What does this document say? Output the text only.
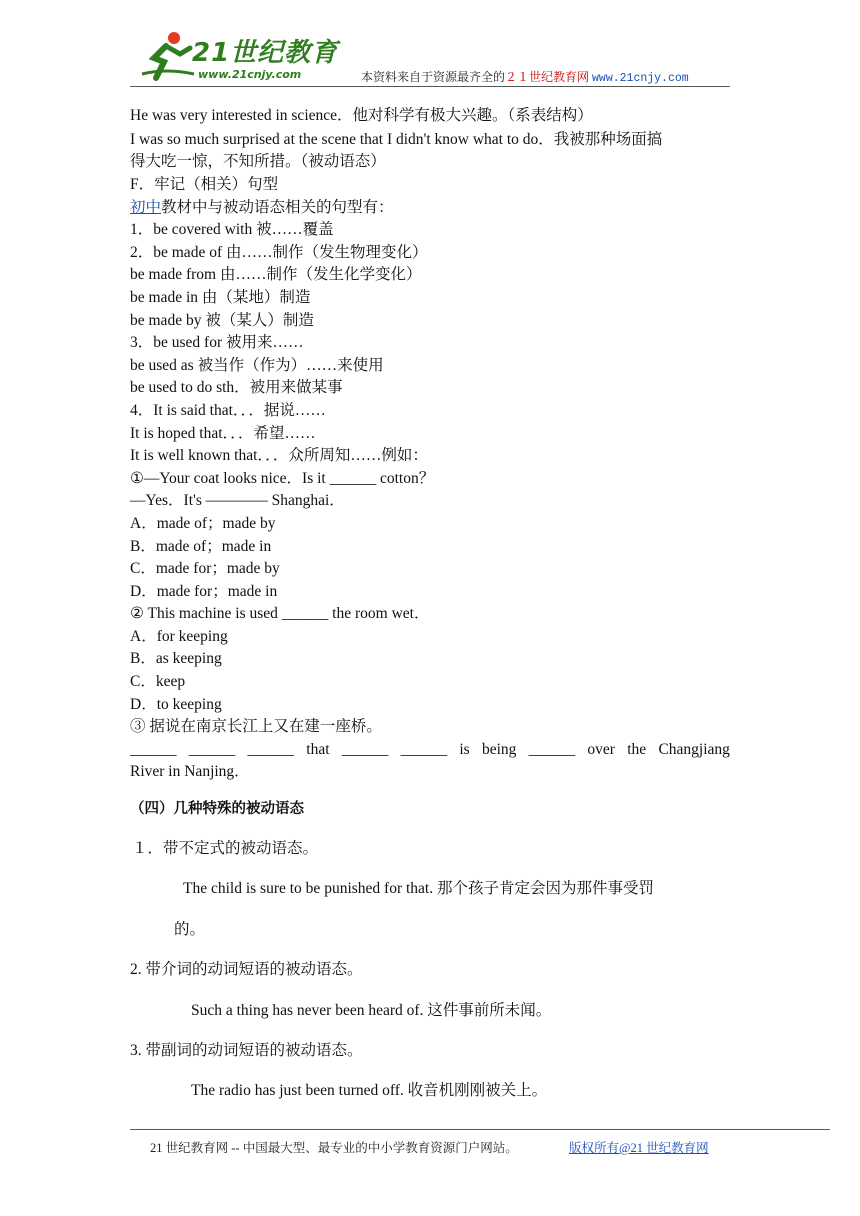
21世纪教育
www.21cnjy.com	本资料来自于资源最齐全的２１世纪教育网 www.21cnjy.com
He was very interested in science．他对科学有极大兴趣。（系表结构）
I was so much surprised at the scene that I didn't know what to do．我被那种场面搞
得大吃一惊，不知所措。（被动语态）
F．牢记（相关）句型
初中教材中与被动语态相关的句型有：
1．be covered with 被……覆盖
2．be made of 由……制作（发生物理变化）
be made from 由……制作（发生化学变化）
be made in 由（某地）制造
be made by 被（某人）制造
3．be used for 被用来……
be used as 被当作（作为）……来使用
be used to do sth．被用来做某事
4．It is said that．．．据说……
It is hoped that．．．希望……
It is well known that．．．众所周知……例如：
①—Your coat looks nice．Is it ______ cotton？
—Yes．It's ———— Shanghai．
A．made of；made by
B．made of；made in
C．made for；made by
D．made for；made in
② This machine is used ______ the room wet．
A．for keeping
B．as keeping
C．keep
D．to keeping
③ 据说在南京长江上又在建一座桥。
______ ______ ______ that ______ ______ is being ______ over the Changjiang
River in Nanjing．
（四）几种特殊的被动语态
１．带不定式的被动语态。
The child is sure to be punished for that. 那个孩子肯定会因为那件事受罚
的。
2. 带介词的动词短语的被动语态。
Such a thing has never been heard of. 这件事前所未闻。
3. 带副词的动词短语的被动语态。
The radio has just been turned off. 收音机刚刚被关上。
21 世纪教育网 -- 中国最大型、最专业的中小学教育资源门户网站。	版权所有@21 世纪教育网
